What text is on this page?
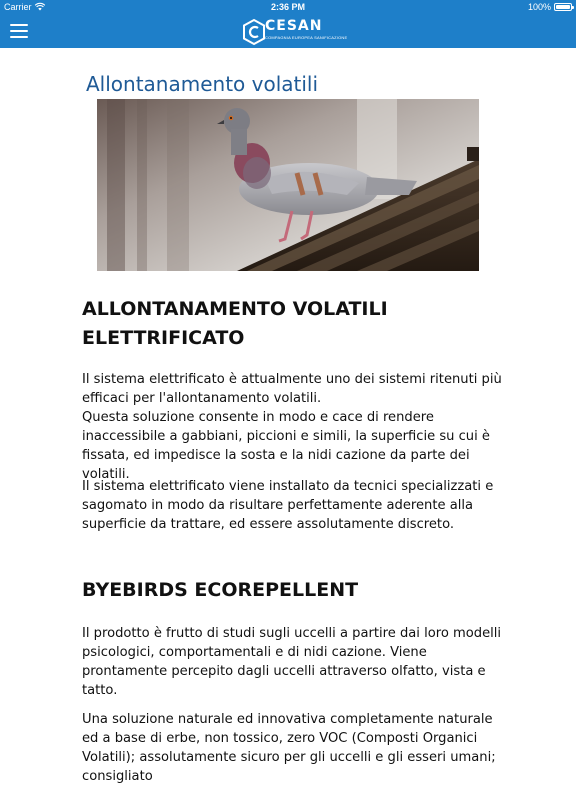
Carrier	2:36 PM	100%
CESAN
COMPAGNIA EUROPEA SANIFICAZIONE
Allontanamento volatili
ALLONTANAMENTO VOLATILI ELETTRIFICATO

Il sistema elettrificato è attualmente uno dei sistemi ritenuti più efficaci per l'allontanamento volatili.
Questa soluzione consente in modo e cace di rendere inaccessibile a gabbiani, piccioni e simili, la superficie su cui è fissata, ed impedisce la sosta e la nidi cazione da parte dei volatili.

Il sistema elettrificato viene installato da tecnici specializzati e sagomato in modo da risultare perfettamente aderente alla superficie da trattare, ed essere assolutamente discreto.

BYEBIRDS ECOREPELLENT

Il prodotto è frutto di studi sugli uccelli a partire dai loro modelli psicologici, comportamentali e di nidi cazione. Viene prontamente percepito dagli uccelli attraverso olfatto, vista e tatto.

Una soluzione naturale ed innovativa completamente naturale ed a base di erbe, non tossico, zero VOC (Composti Organici Volatili); assolutamente sicuro per gli uccelli e gli esseri umani; consigliato
